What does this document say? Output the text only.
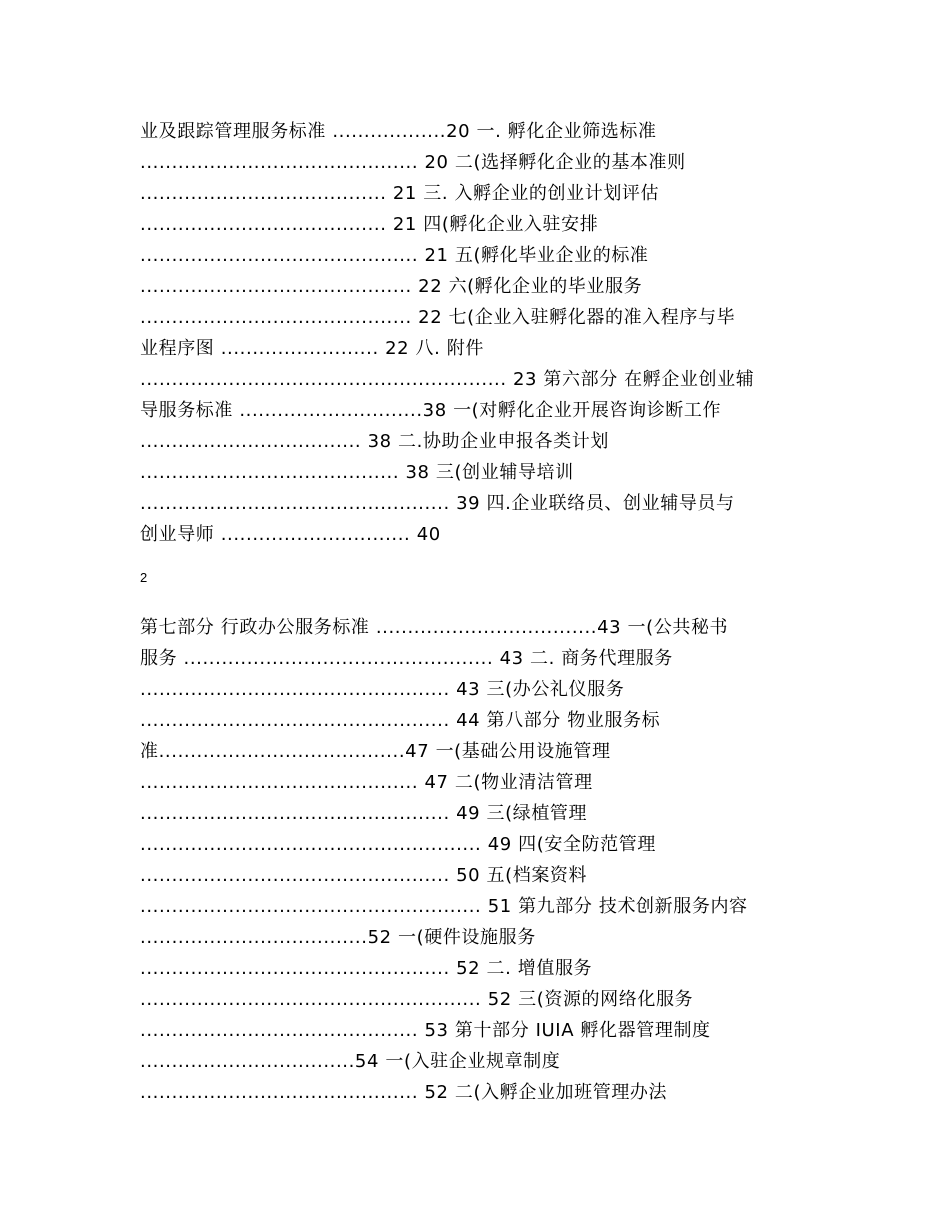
业及跟踪管理服务标准 ..................20 一. 孵化企业筛选标准
............................................ 20 二(选择孵化企业的基本准则
....................................... 21 三. 入孵企业的创业计划评估
....................................... 21 四(孵化企业入驻安排
............................................ 21 五(孵化毕业企业的标准
........................................... 22 六(孵化企业的毕业服务
........................................... 22 七(企业入驻孵化器的准入程序与毕
业程序图 ......................... 22 八. 附件
.......................................................... 23 第六部分 在孵企业创业辅
导服务标准 .............................38 一(对孵化企业开展咨询诊断工作
................................... 38 二.协助企业申报各类计划
......................................... 38 三(创业辅导培训
................................................. 39 四.企业联络员、创业辅导员与
创业导师 .............................. 40
2
第七部分 行政办公服务标准 ...................................43 一(公共秘书
服务 ................................................. 43 二. 商务代理服务
................................................. 43 三(办公礼仪服务
................................................. 44 第八部分 物业服务标
准.......................................47 一(基础公用设施管理
............................................ 47 二(物业清洁管理
................................................. 49 三(绿植管理
...................................................... 49 四(安全防范管理
................................................. 50 五(档案资料
...................................................... 51 第九部分 技术创新服务内容
....................................52 一(硬件设施服务
................................................. 52 二. 增值服务
...................................................... 52 三(资源的网络化服务
............................................ 53 第十部分 IUIA 孵化器管理制度
..................................54 一(入驻企业规章制度
............................................ 52 二(入孵企业加班管理办法
